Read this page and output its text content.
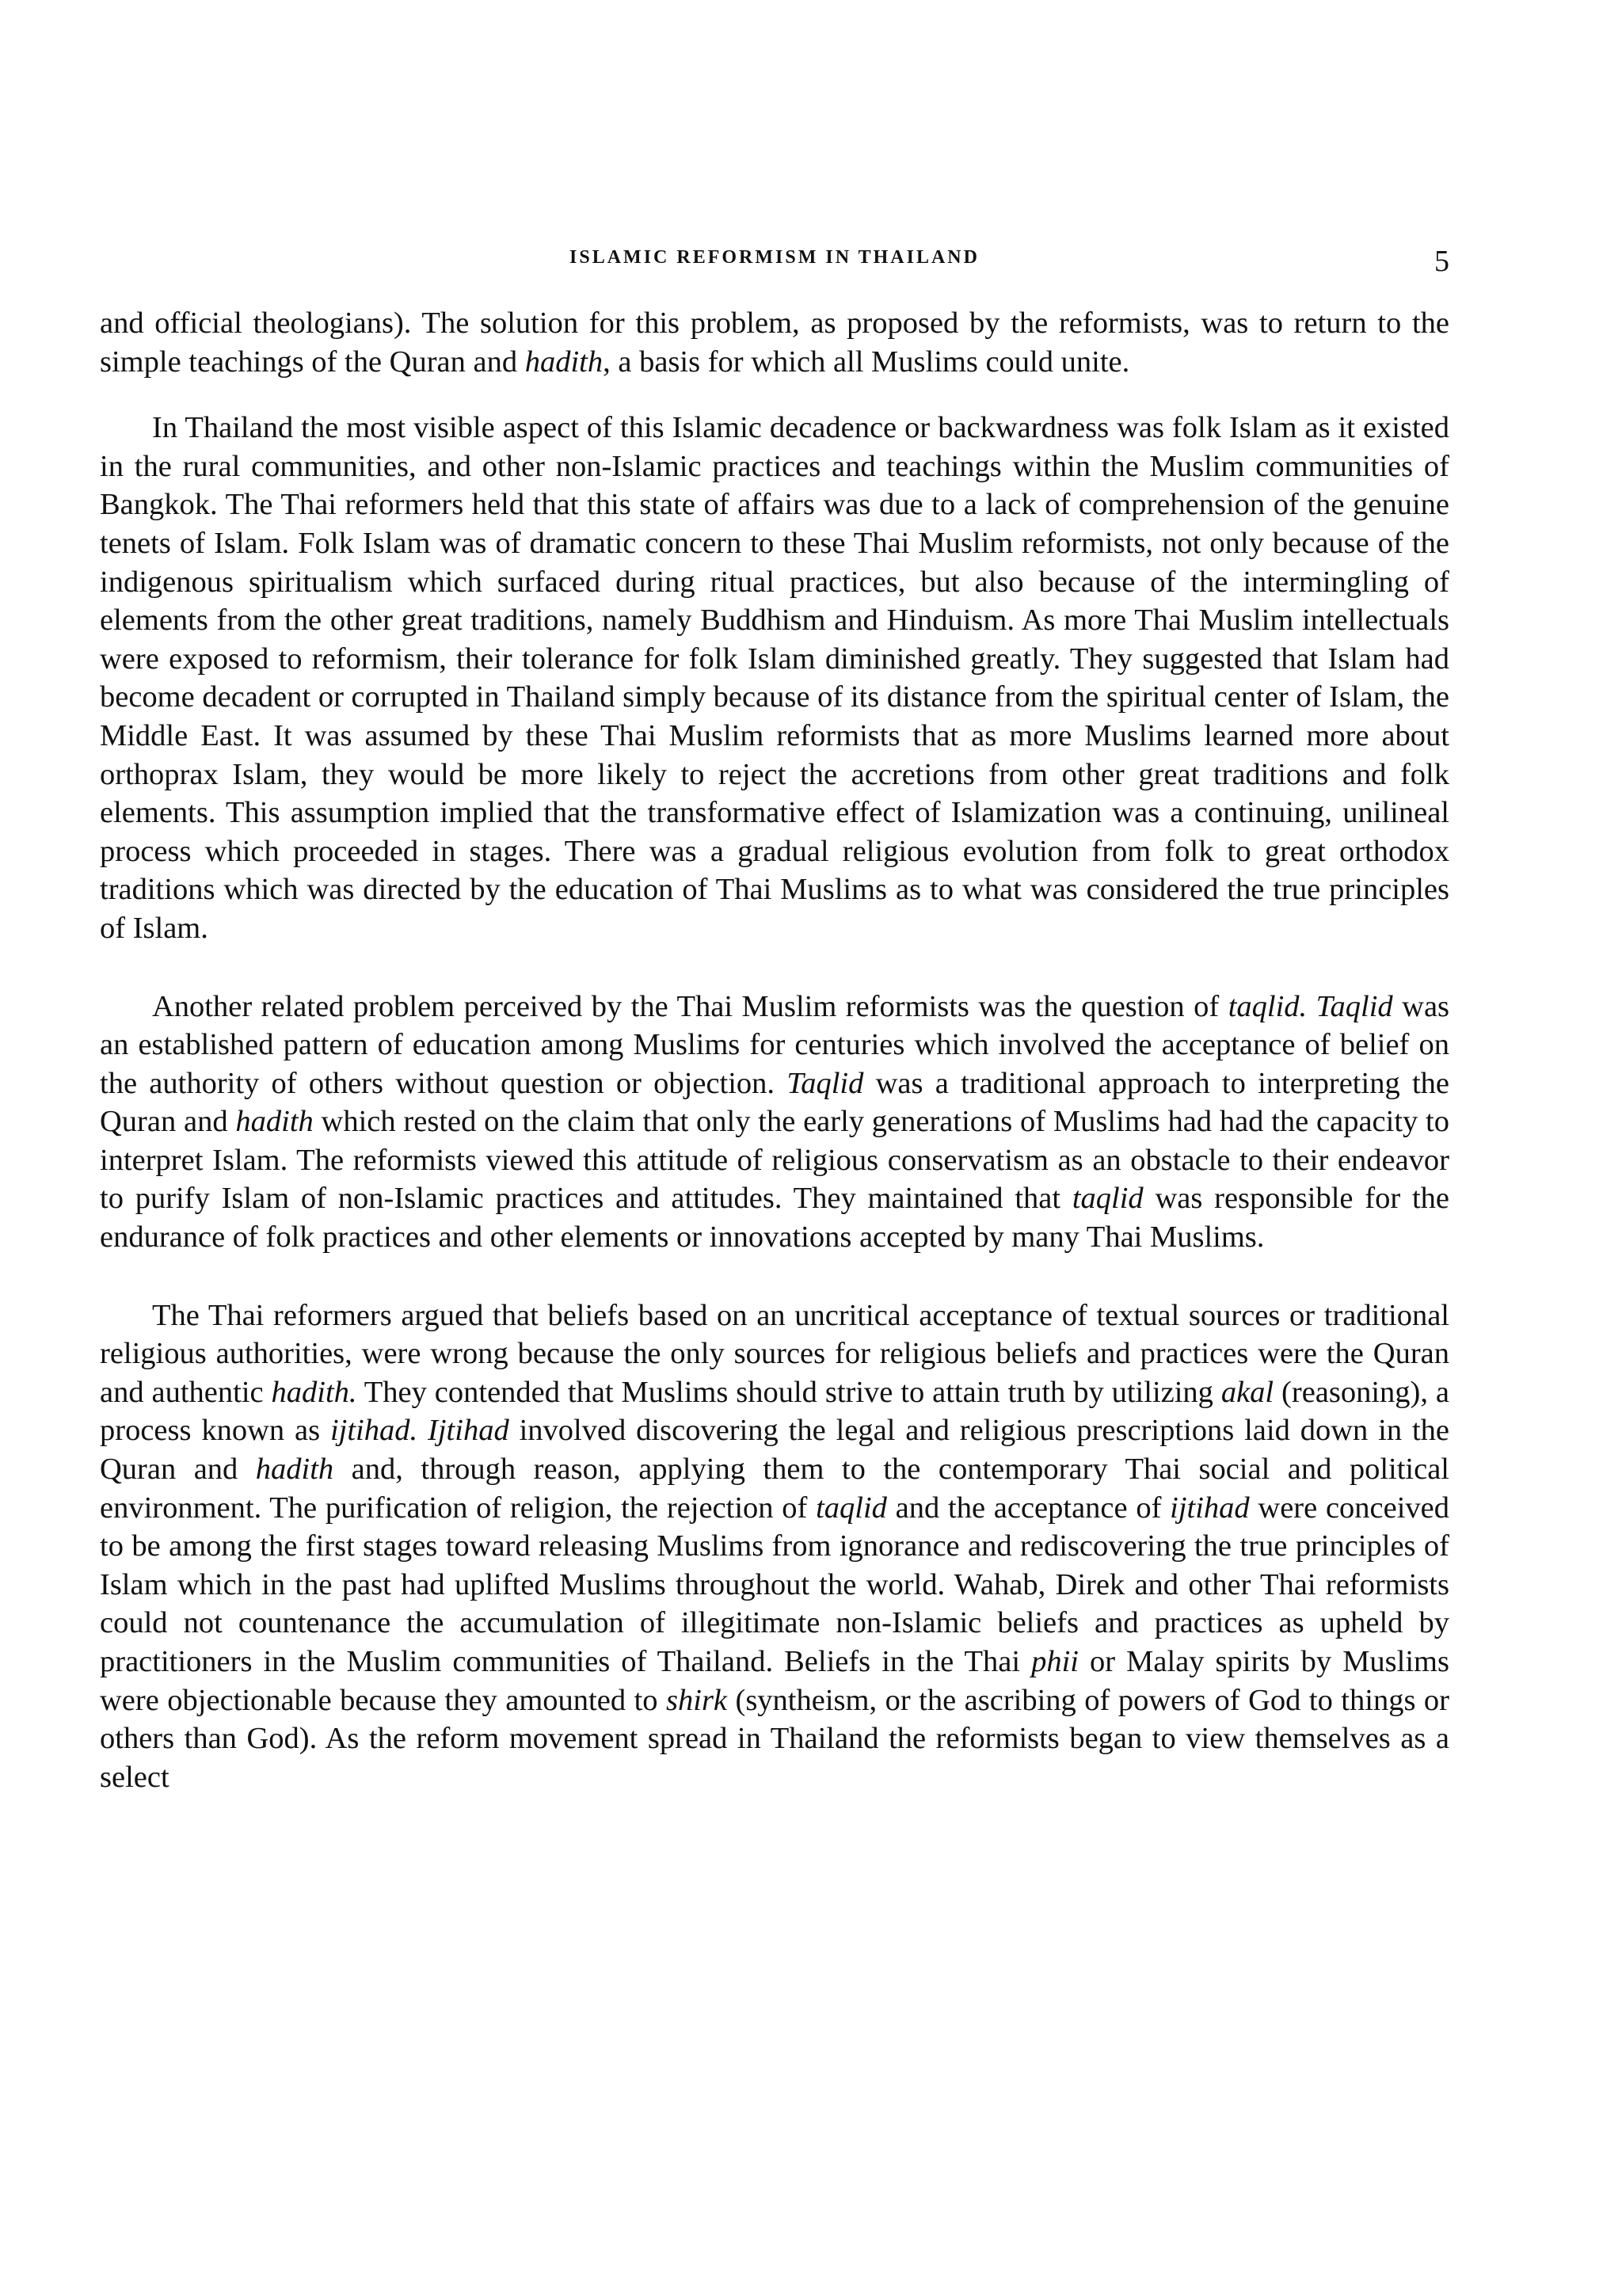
ISLAMIC REFORMISM IN THAILAND	5

and official theologians). The solution for this problem, as proposed by the reformists, was to return to the simple teachings of the Quran and hadith, a basis for which all Muslims could unite.

In Thailand the most visible aspect of this Islamic decadence or backwardness was folk Islam as it existed in the rural communities, and other non-Islamic practices and teachings within the Muslim communities of Bangkok. The Thai reformers held that this state of affairs was due to a lack of comprehension of the genuine tenets of Islam. Folk Islam was of dramatic concern to these Thai Muslim reformists, not only because of the indigenous spiritualism which surfaced during ritual practices, but also because of the intermingling of elements from the other great traditions, namely Buddhism and Hinduism. As more Thai Muslim intellectuals were exposed to reformism, their tolerance for folk Islam diminished greatly. They suggested that Islam had become decadent or corrupted in Thailand simply because of its distance from the spiritual center of Islam, the Middle East. It was assumed by these Thai Muslim reformists that as more Muslims learned more about orthoprax Islam, they would be more likely to reject the accretions from other great traditions and folk elements. This assumption implied that the transformative effect of Islamization was a continuing, unilineal process which proceeded in stages. There was a gradual religious evolution from folk to great orthodox traditions which was directed by the education of Thai Muslims as to what was considered the true principles of Islam.

Another related problem perceived by the Thai Muslim reformists was the question of taqlid. Taqlid was an established pattern of education among Muslims for centuries which involved the acceptance of belief on the authority of others without question or objection. Taqlid was a traditional approach to interpreting the Quran and hadith which rested on the claim that only the early generations of Muslims had had the capacity to interpret Islam. The reformists viewed this attitude of religious conservatism as an obstacle to their endeavor to purify Islam of non-Islamic practices and attitudes. They maintained that taqlid was responsible for the endurance of folk practices and other elements or innovations accepted by many Thai Muslims.

The Thai reformers argued that beliefs based on an uncritical acceptance of textual sources or traditional religious authorities, were wrong because the only sources for religious beliefs and practices were the Quran and authentic hadith. They contended that Muslims should strive to attain truth by utilizing akal (reasoning), a process known as ijtihad. Ijtihad involved discovering the legal and religious prescriptions laid down in the Quran and hadith and, through reason, applying them to the contemporary Thai social and political environment. The purification of religion, the rejection of taqlid and the acceptance of ijtihad were conceived to be among the first stages toward releasing Muslims from ignorance and rediscovering the true principles of Islam which in the past had uplifted Muslims throughout the world. Wahab, Direk and other Thai reformists could not countenance the accumulation of illegitimate non-Islamic beliefs and practices as upheld by practitioners in the Muslim communities of Thailand. Beliefs in the Thai phii or Malay spirits by Muslims were objectionable because they amounted to shirk (syntheism, or the ascribing of powers of God to things or others than God). As the reform movement spread in Thailand the reformists began to view themselves as a select
